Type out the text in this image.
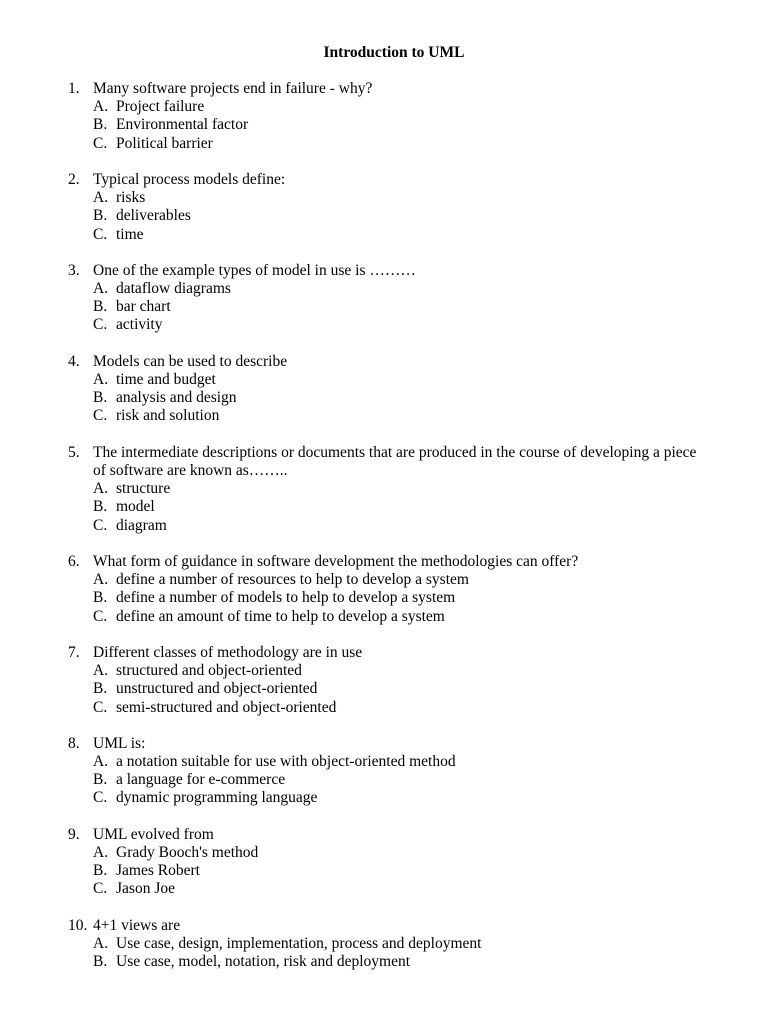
Introduction to UML
1. Many software projects end in failure - why?
A. Project failure
B. Environmental factor
C. Political barrier
2. Typical process models define:
A. risks
B. deliverables
C. time
3. One of the example types of model in use is ………
A. dataflow diagrams
B. bar chart
C. activity
4. Models can be used to describe
A. time and budget
B. analysis and design
C. risk and solution
5. The intermediate descriptions or documents that are produced in the course of developing a piece of software are known as……..
A. structure
B. model
C. diagram
6. What form of guidance in software development the methodologies can offer?
A. define a number of resources to help to develop a system
B. define a number of models to help to develop a system
C. define an amount of time to help to develop a system
7. Different classes of methodology are in use
A. structured and object-oriented
B. unstructured and object-oriented
C. semi-structured and object-oriented
8. UML is:
A. a notation suitable for use with object-oriented method
B. a language for e-commerce
C. dynamic programming language
9. UML evolved from
A. Grady Booch's method
B. James Robert
C. Jason Joe
10. 4+1 views are
A. Use case, design, implementation, process and deployment
B. Use case, model, notation, risk and deployment
